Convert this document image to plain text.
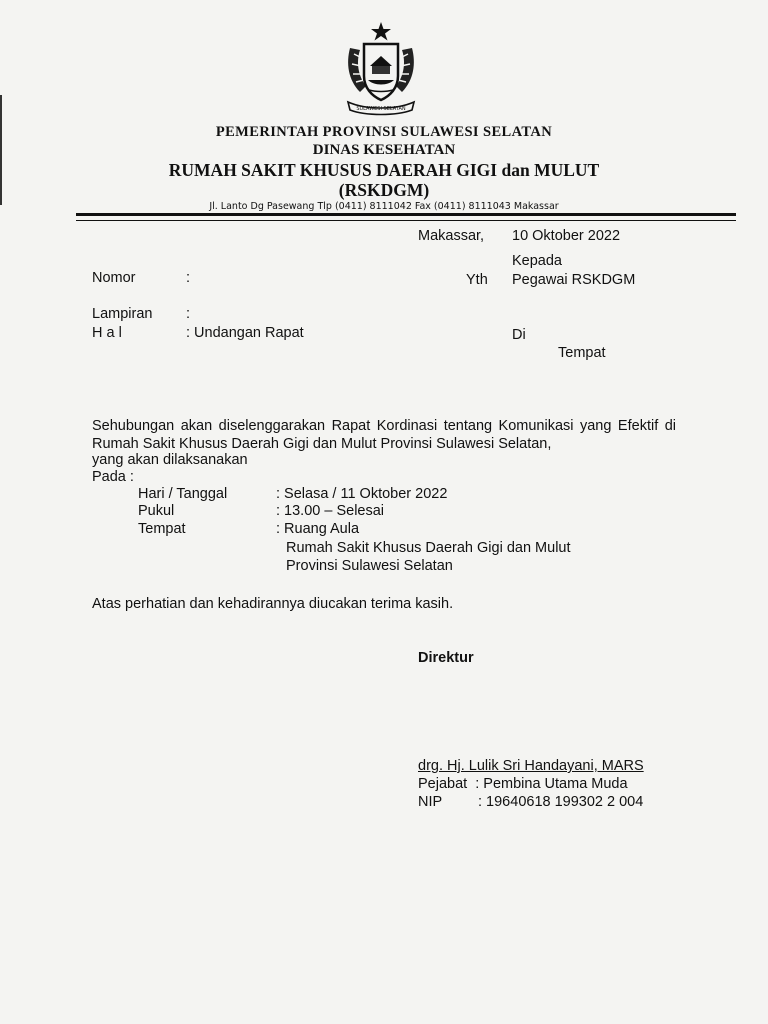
SULAWESI SELATAN
PEMERINTAH PROVINSI SULAWESI SELATAN
DINAS KESEHATAN
RUMAH SAKIT KHUSUS DAERAH GIGI dan MULUT
(RSKDGM)
Jl. Lanto Dg Pasewang Tlp (0411) 8111042 Fax (0411) 8111043 Makassar
Makassar, 10 Oktober 2022
Kepada
Yth Pegawai RSKDGM
Nomor	:
Lampiran :
H a l	: Undangan Rapat	Di
Tempat
Sehubungan akan diselenggarakan Rapat Kordinasi tentang Komunikasi yang Efektif di Rumah Sakit Khusus Daerah Gigi dan Mulut Provinsi Sulawesi Selatan,
yang akan dilaksanakan
Pada :
Hari / Tanggal	: Selasa / 11 Oktober 2022
Pukul	: 13.00 – Selesai
Tempat	: Ruang Aula
Rumah Sakit Khusus Daerah Gigi dan Mulut
Provinsi Sulawesi Selatan
Atas perhatian dan kehadirannya diucakan terima kasih.
Direktur
drg. Hj. Lulik Sri Handayani, MARS
Pejabat  : Pembina Utama Muda
NIP : 19640618 199302 2 004
